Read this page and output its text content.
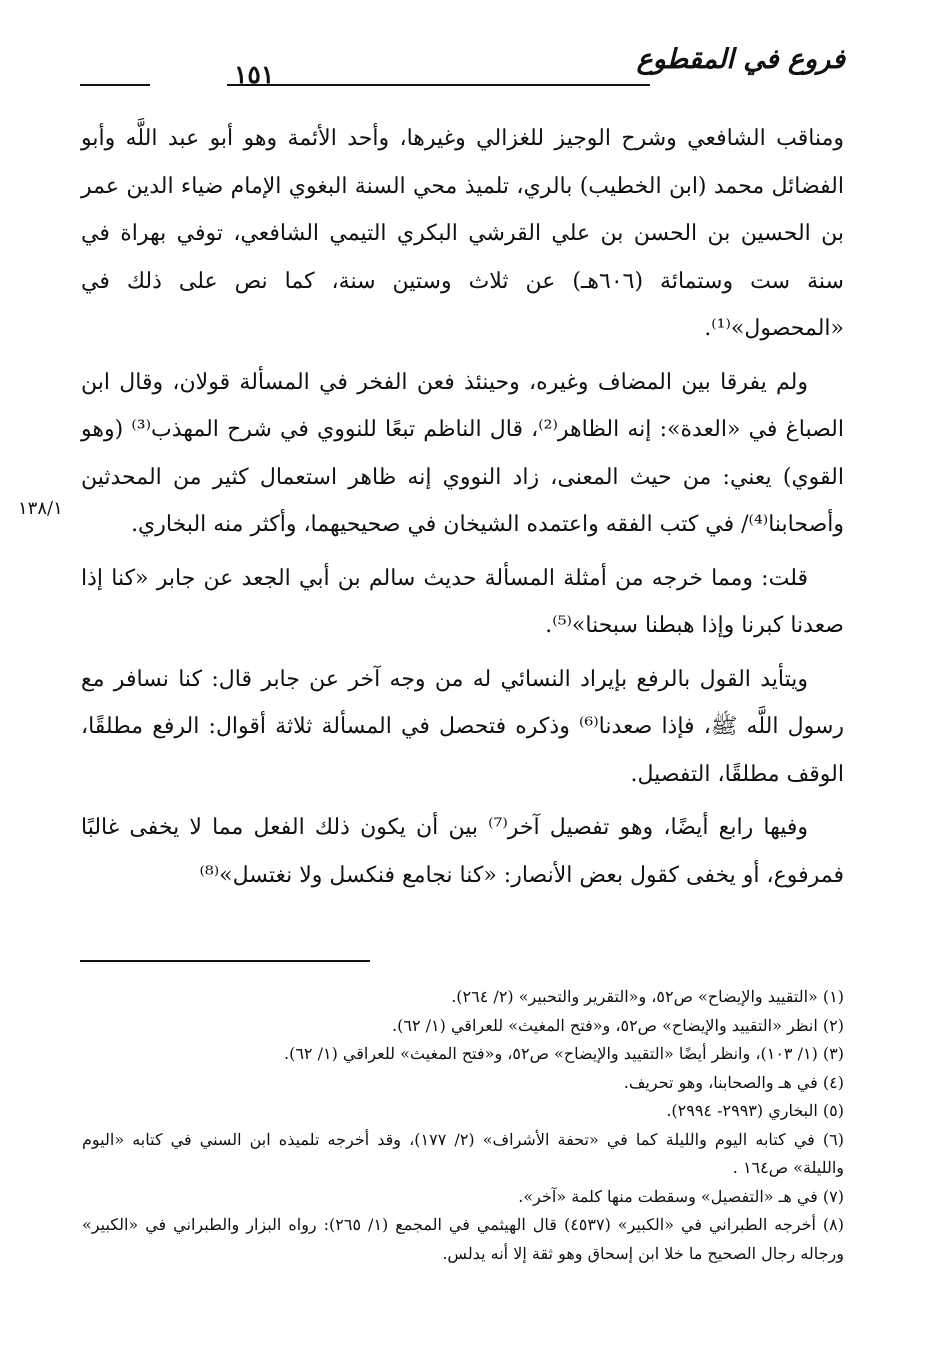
فروع في المقطوع
١٥١

ومناقب الشافعي وشرح الوجيز للغزالي وغيرها، وأحد الأئمة وهو أبو عبد اللَّه وأبو الفضائل محمد (ابن الخطيب) بالري، تلميذ محي السنة البغوي الإمام ضياء الدين عمر بن الحسين بن الحسن بن علي القرشي البكري التيمي الشافعي، توفي بهراة في سنة ست وستمائة (٦٠٦هـ) عن ثلاث وستين سنة، كما نص على ذلك في «المحصول»⁽¹⁾.

ولم يفرقا بين المضاف وغيره، وحينئذ فعن الفخر في المسألة قولان، وقال ابن الصباغ في «العدة»: إنه الظاهر⁽²⁾، قال الناظم تبعًا للنووي في شرح المهذب⁽³⁾ (وهو القوي) يعني: من حيث المعنى، زاد النووي إنه ظاهر استعمال كثير من المحدثين وأصحابنا⁽⁴⁾/ في كتب الفقه واعتمده الشيخان في صحيحيهما، وأكثر منه البخاري.

قلت: ومما خرجه من أمثلة المسألة حديث سالم بن أبي الجعد عن جابر «كنا إذا صعدنا كبرنا وإذا هبطنا سبحنا»⁽⁵⁾.

ويتأيد القول بالرفع بإيراد النسائي له من وجه آخر عن جابر قال: كنا نسافر مع رسول اللَّه ﷺ، فإذا صعدنا⁽⁶⁾ وذكره فتحصل في المسألة ثلاثة أقوال: الرفع مطلقًا، الوقف مطلقًا، التفصيل.

وفيها رابع أيضًا، وهو تفصيل آخر⁽⁷⁾ بين أن يكون ذلك الفعل مما لا يخفى غالبًا فمرفوع، أو يخفى كقول بعض الأنصار: «كنا نجامع فنكسل ولا نغتسل»⁽⁸⁾

١٣٨/١

(١) «التقييد والإيضاح» ص٥٢، و«التقرير والتحبير» (٢/ ٢٦٤).

(٢) انظر «التقييد والإيضاح» ص٥٢، و«فتح المغيث» للعراقي (١/ ٦٢).

(٣) (١/ ١٠٣)، وانظر أيضًا «التقييد والإيضاح» ص٥٢، و«فتح المغيث» للعراقي (١/ ٦٢).

(٤) في هـ والصحابنا، وهو تحريف.

(٥) البخاري (٢٩٩٣- ٢٩٩٤).

(٦) في كتابه اليوم والليلة كما في «تحفة الأشراف» (٢/ ١٧٧)، وقد أخرجه تلميذه ابن السني في كتابه «اليوم والليلة» ص١٦٤ .

(٧) في هـ «التفصيل» وسقطت منها كلمة «آخر».

(٨) أخرجه الطبراني في «الكبير» (٤٥٣٧) قال الهيثمي في المجمع (١/ ٢٦٥): رواه البزار والطبراني في «الكبير» ورجاله رجال الصحيح ما خلا ابن إسحاق وهو ثقة إلا أنه يدلس.
